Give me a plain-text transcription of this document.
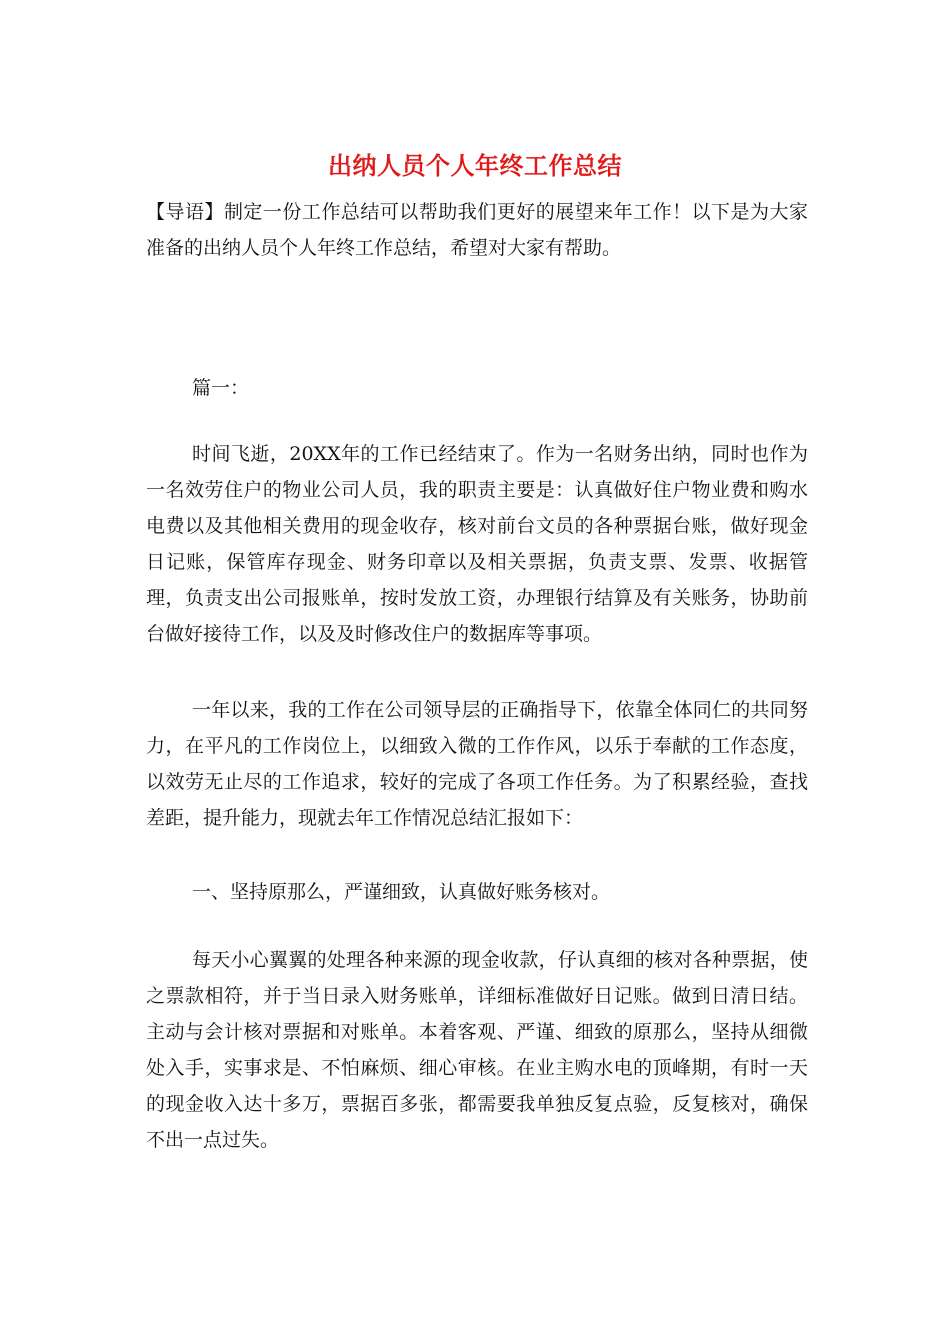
出纳人员个人年终工作总结
【导语】制定一份工作总结可以帮助我们更好的展望来年工作！以下是为大家准备的出纳人员个人年终工作总结，希望对大家有帮助。
篇一：
时间飞逝，20XX年的工作已经结束了。作为一名财务出纳，同时也作为一名效劳住户的物业公司人员，我的职责主要是：认真做好住户物业费和购水电费以及其他相关费用的现金收存，核对前台文员的各种票据台账，做好现金日记账，保管库存现金、财务印章以及相关票据，负责支票、发票、收据管理，负责支出公司报账单，按时发放工资，办理银行结算及有关账务，协助前台做好接待工作，以及及时修改住户的数据库等事项。
一年以来，我的工作在公司领导层的正确指导下，依靠全体同仁的共同努力，在平凡的工作岗位上，以细致入微的工作作风，以乐于奉献的工作态度，以效劳无止尽的工作追求，较好的完成了各项工作任务。为了积累经验，查找差距，提升能力，现就去年工作情况总结汇报如下：
一、坚持原那么，严谨细致，认真做好账务核对。
每天小心翼翼的处理各种来源的现金收款，仔认真细的核对各种票据，使之票款相符，并于当日录入财务账单，详细标准做好日记账。做到日清日结。主动与会计核对票据和对账单。本着客观、严谨、细致的原那么，坚持从细微处入手，实事求是、不怕麻烦、细心审核。在业主购水电的顶峰期，有时一天的现金收入达十多万，票据百多张，都需要我单独反复点验，反复核对，确保不出一点过失。
